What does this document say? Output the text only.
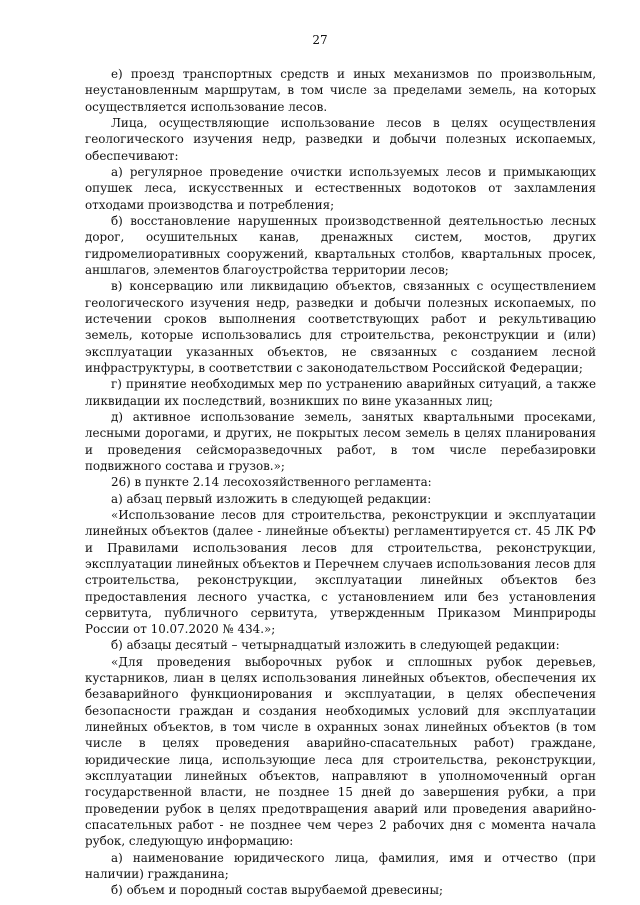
27

е) проезд транспортных средств и иных механизмов по произвольным, неустановленным маршрутам, в том числе за пределами земель, на которых осуществляется использование лесов.

Лица, осуществляющие использование лесов в целях осуществления геологического изучения недр, разведки и добычи полезных ископаемых, обеспечивают:

а) регулярное проведение очистки используемых лесов и примыкающих опушек леса, искусственных и естественных водотоков от захламления отходами производства и потребления;

б) восстановление нарушенных производственной деятельностью лесных дорог, осушительных канав, дренажных систем, мостов, других гидромелиоративных сооружений, квартальных столбов, квартальных просек, аншлагов, элементов благоустройства территории лесов;

в) консервацию или ликвидацию объектов, связанных с осуществлением геологического изучения недр, разведки и добычи полезных ископаемых, по истечении сроков выполнения соответствующих работ и рекультивацию земель, которые использовались для строительства, реконструкции и (или) эксплуатации указанных объектов, не связанных с созданием лесной инфраструктуры, в соответствии с законодательством Российской Федерации;

г) принятие необходимых мер по устранению аварийных ситуаций, а также ликвидации их последствий, возникших по вине указанных лиц;

д) активное использование земель, занятых квартальными просеками, лесными дорогами, и других, не покрытых лесом земель в целях планирования и проведения сейсморазведочных работ, в том числе перебазировки подвижного состава и грузов.»;

26) в пункте 2.14 лесохозяйственного регламента:

а) абзац первый изложить в следующей редакции:

«Использование лесов для строительства, реконструкции и эксплуатации линейных объектов (далее - линейные объекты) регламентируется ст. 45 ЛК РФ и Правилами использования лесов для строительства, реконструкции, эксплуатации линейных объектов и Перечнем случаев использования лесов для строительства, реконструкции, эксплуатации линейных объектов без предоставления лесного участка, с установлением или без установления сервитута, публичного сервитута, утвержденным Приказом Минприроды России от 10.07.2020 № 434.»;

б) абзацы десятый – четырнадцатый изложить в следующей редакции:

«Для проведения выборочных рубок и сплошных рубок деревьев, кустарников, лиан в целях использования линейных объектов, обеспечения их безаварийного функционирования и эксплуатации, в целях обеспечения безопасности граждан и создания необходимых условий для эксплуатации линейных объектов, в том числе в охранных зонах линейных объектов (в том числе в целях проведения аварийно-спасательных работ) граждане, юридические лица, использующие леса для строительства, реконструкции, эксплуатации линейных объектов, направляют в уполномоченный орган государственной власти, не позднее 15 дней до завершения рубки, а при проведении рубок в целях предотвращения аварий или проведения аварийно-спасательных работ - не позднее чем через 2 рабочих дня с момента начала рубок, следующую информацию:

а) наименование юридического лица, фамилия, имя и отчество (при наличии) гражданина;

б) объем и породный состав вырубаемой древесины;
